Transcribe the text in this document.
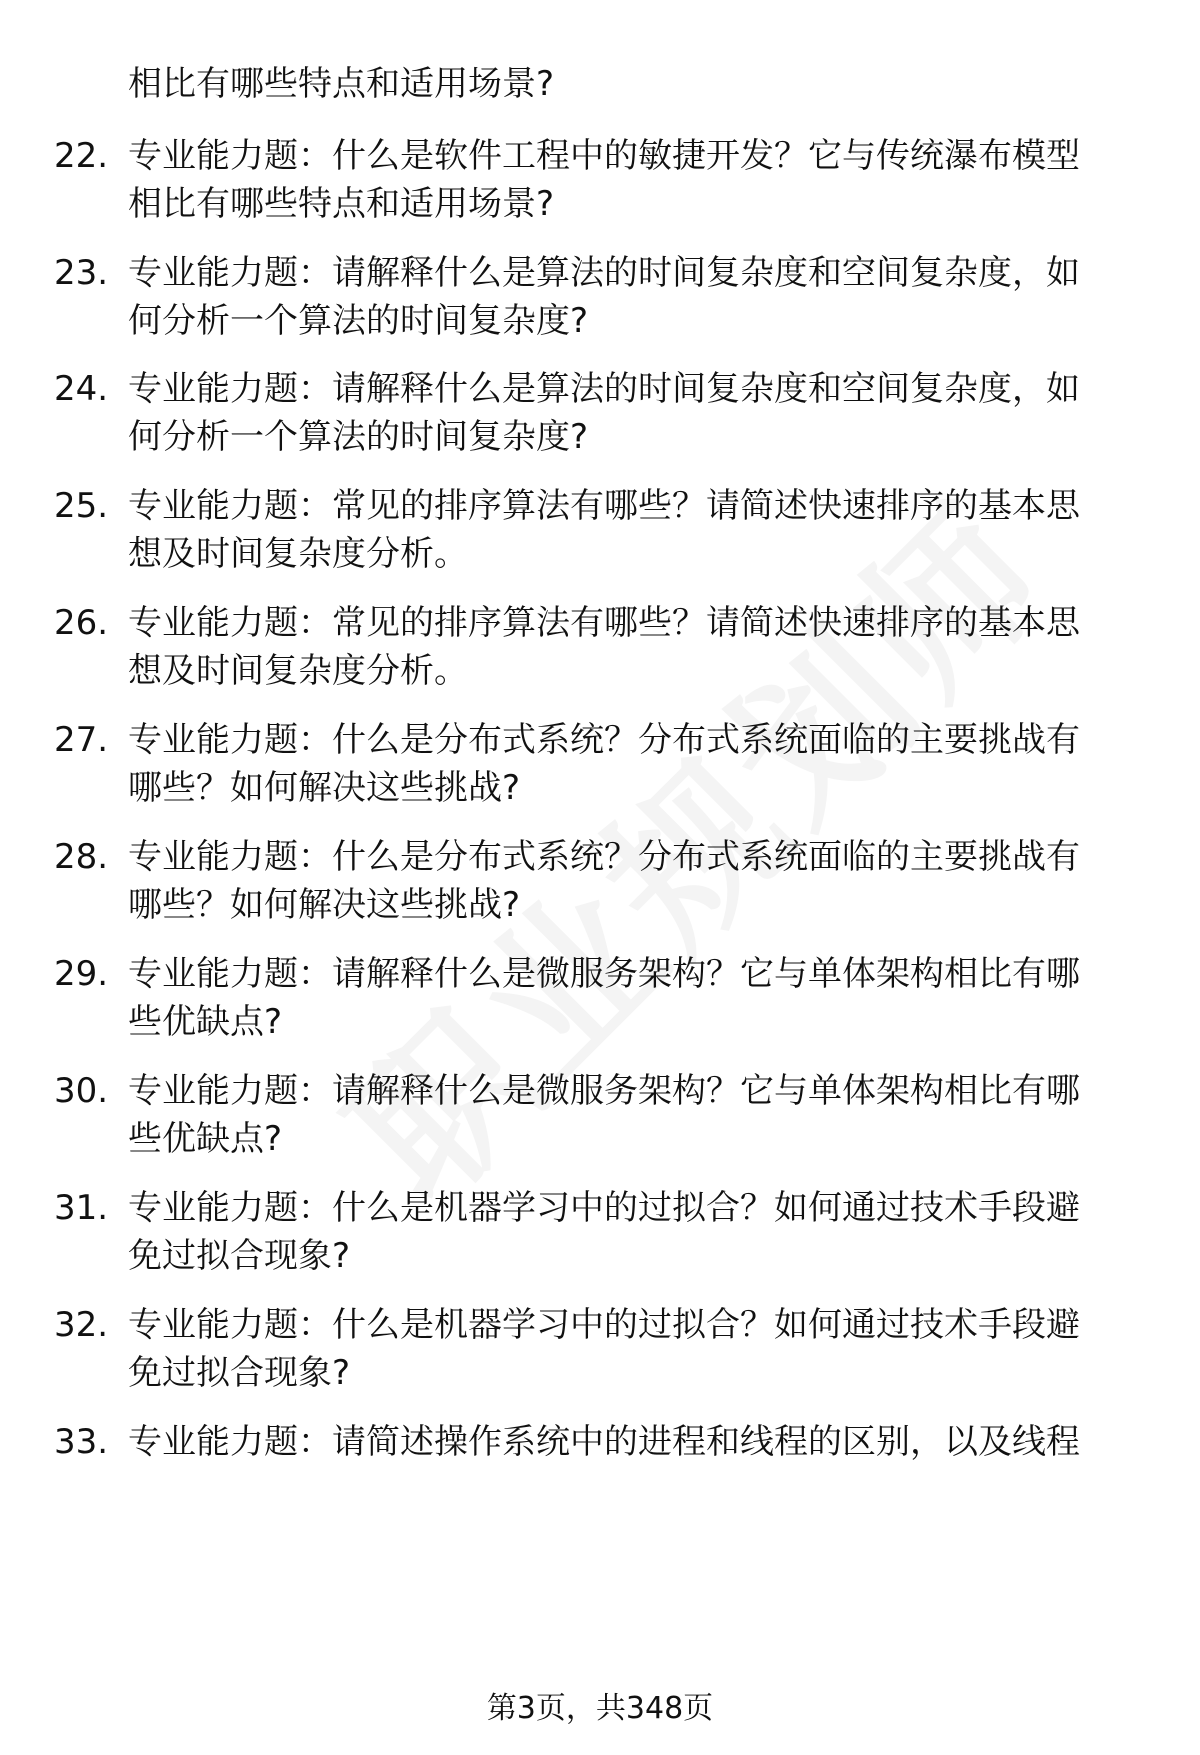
相比有哪些特点和适用场景?
22. 专业能力题：什么是软件工程中的敏捷开发？它与传统瀑布模型
相比有哪些特点和适用场景?
23. 专业能力题：请解释什么是算法的时间复杂度和空间复杂度，如
何分析一个算法的时间复杂度?
24. 专业能力题：请解释什么是算法的时间复杂度和空间复杂度，如
何分析一个算法的时间复杂度?
25. 专业能力题：常见的排序算法有哪些？请简述快速排序的基本思
想及时间复杂度分析。
26. 专业能力题：常见的排序算法有哪些？请简述快速排序的基本思
想及时间复杂度分析。
27. 专业能力题：什么是分布式系统？分布式系统面临的主要挑战有
哪些？如何解决这些挑战?
28. 专业能力题：什么是分布式系统？分布式系统面临的主要挑战有
哪些？如何解决这些挑战?
29. 专业能力题：请解释什么是微服务架构？它与单体架构相比有哪
些优缺点?
30. 专业能力题：请解释什么是微服务架构？它与单体架构相比有哪
些优缺点?
31. 专业能力题：什么是机器学习中的过拟合？如何通过技术手段避
免过拟合现象?
32. 专业能力题：什么是机器学习中的过拟合？如何通过技术手段避
免过拟合现象?
33. 专业能力题：请简述操作系统中的进程和线程的区别，以及线程
第3页，共348页
